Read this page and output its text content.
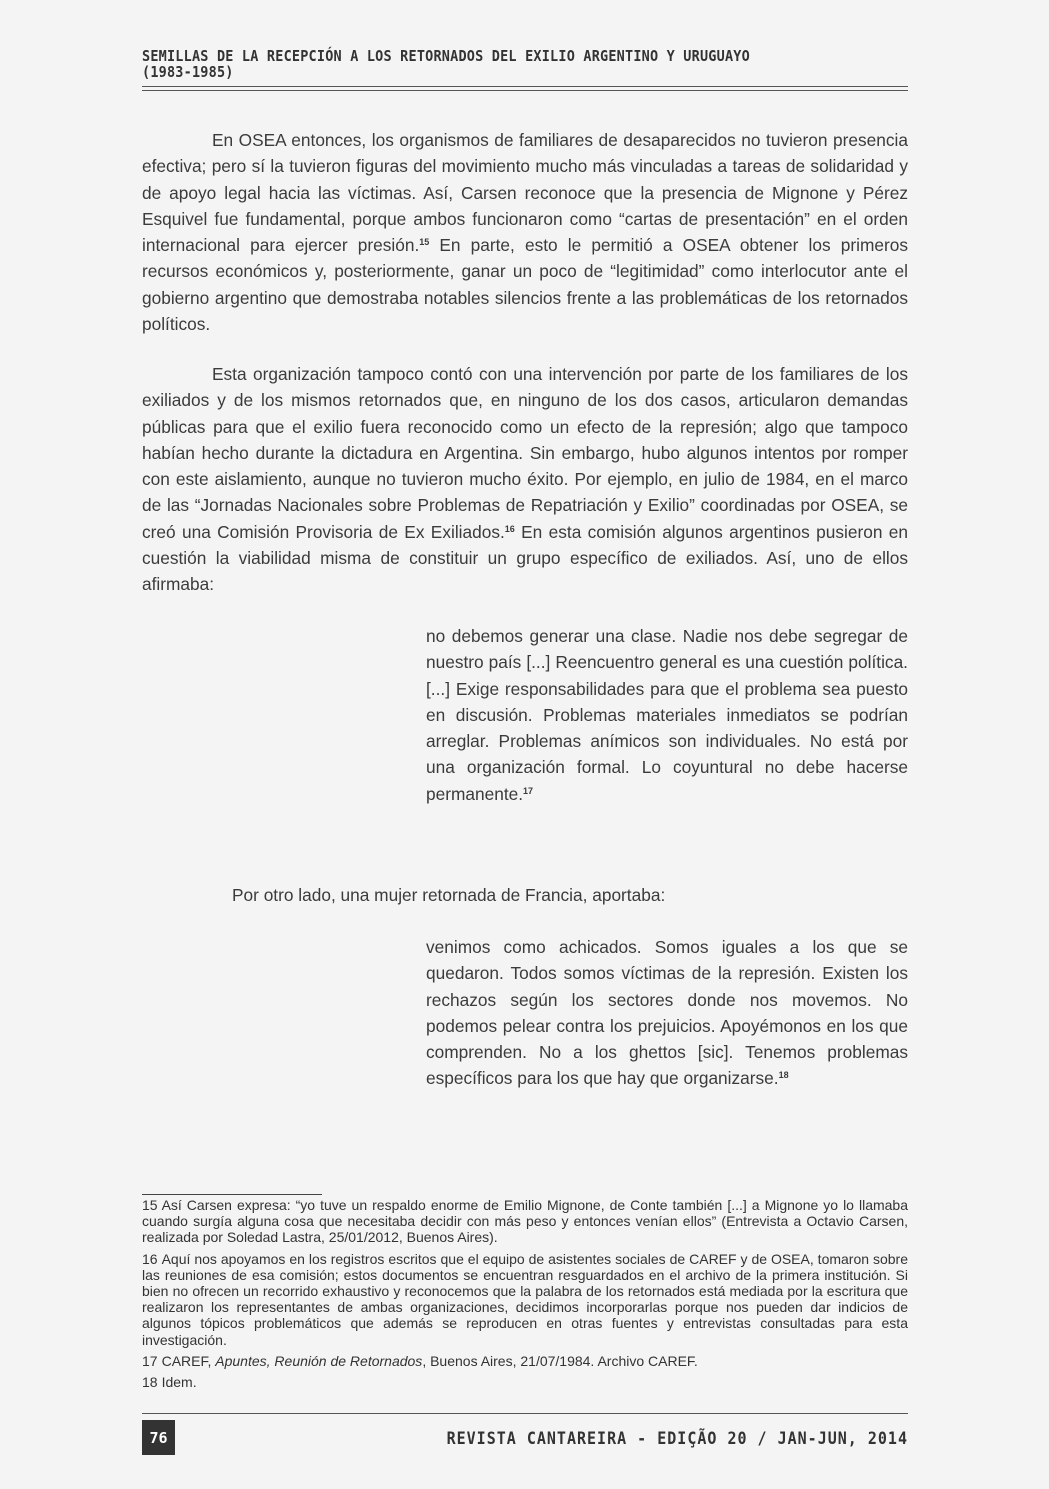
SEMILLAS DE LA RECEPCIÓN A LOS RETORNADOS DEL EXILIO ARGENTINO Y URUGUAYO
(1983-1985)

En OSEA entonces, los organismos de familiares de desaparecidos no tuvieron presencia efectiva; pero sí la tuvieron figuras del movimiento mucho más vinculadas a tareas de solidaridad y de apoyo legal hacia las víctimas. Así, Carsen reconoce que la presencia de Mignone y Pérez Esquivel fue fundamental, porque ambos funcionaron como “cartas de presentación” en el orden internacional para ejercer presión.$^{15}$ En parte, esto le permitió a OSEA obtener los primeros recursos económicos y, posteriormente, ganar un poco de “legitimidad” como interlocutor ante el gobierno argentino que demostraba notables silencios frente a las problemáticas de los retornados políticos.

Esta organización tampoco contó con una intervención por parte de los familiares de los exiliados y de los mismos retornados que, en ninguno de los dos casos, articularon demandas públicas para que el exilio fuera reconocido como un efecto de la represión; algo que tampoco habían hecho durante la dictadura en Argentina. Sin embargo, hubo algunos intentos por romper con este aislamiento, aunque no tuvieron mucho éxito. Por ejemplo, en julio de 1984, en el marco de las “Jornadas Nacionales sobre Problemas de Repatriación y Exilio” coordinadas por OSEA, se creó una Comisión Provisoria de Ex Exiliados.$^{16}$ En esta comisión algunos argentinos pusieron en cuestión la viabilidad misma de constituir un grupo específico de exiliados. Así, uno de ellos afirmaba:

no debemos generar una clase. Nadie nos debe segregar de nuestro país [...] Reencuentro general es una cuestión política. [...] Exige responsabilidades para que el problema sea puesto en discusión. Problemas materiales inmediatos se podrían arreglar. Problemas anímicos son individuales. No está por una organización formal. Lo coyuntural no debe hacerse permanente.$^{17}$

Por otro lado, una mujer retornada de Francia, aportaba:

venimos como achicados. Somos iguales a los que se quedaron. Todos somos víctimas de la represión. Existen los rechazos según los sectores donde nos movemos. No podemos pelear contra los prejuicios. Apoyémonos en los que comprenden. No a los ghettos [sic]. Tenemos problemas específicos para los que hay que organizarse.$^{18}$

15 Así Carsen expresa: “yo tuve un respaldo enorme de Emilio Mignone, de Conte también [...] a Mignone yo lo llamaba cuando surgía alguna cosa que necesitaba decidir con más peso y entonces venían ellos” (Entrevista a Octavio Carsen, realizada por Soledad Lastra, 25/01/2012, Buenos Aires).

16 Aquí nos apoyamos en los registros escritos que el equipo de asistentes sociales de CAREF y de OSEA, tomaron sobre las reuniones de esa comisión; estos documentos se encuentran resguardados en el archivo de la primera institución. Si bien no ofrecen un recorrido exhaustivo y reconocemos que la palabra de los retornados está mediada por la escritura que realizaron los representantes de ambas organizaciones, decidimos incorporarlas porque nos pueden dar indicios de algunos tópicos problemáticos que además se reproducen en otras fuentes y entrevistas consultadas para esta investigación.

17 CAREF, Apuntes, Reunión de Retornados, Buenos Aires, 21/07/1984. Archivo CAREF.

18 Idem.

76	REVISTA CANTAREIRA - EDIÇÃO 20 / JAN-JUN, 2014
